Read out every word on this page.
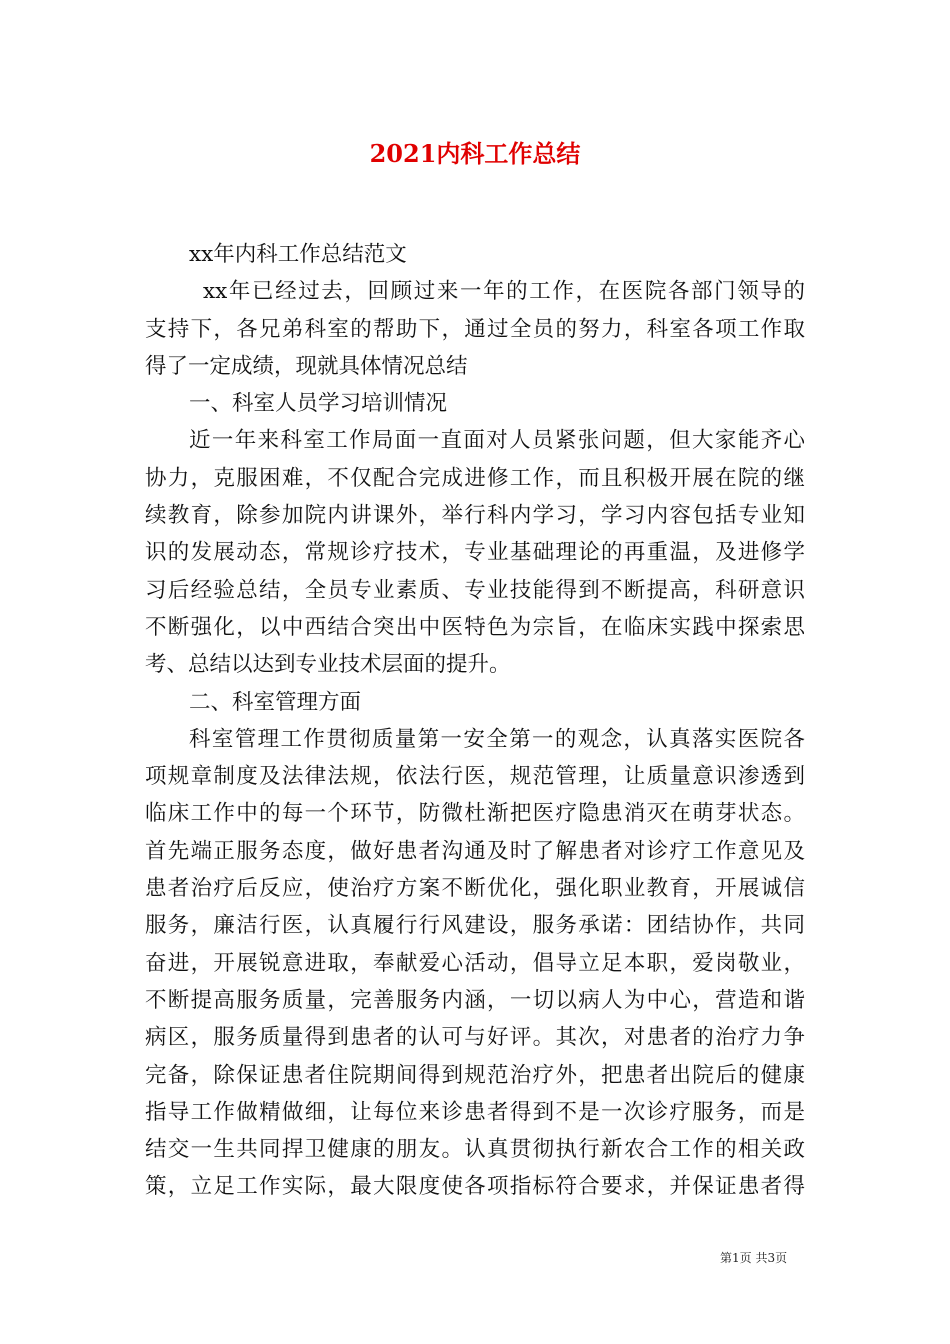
2021内科工作总结
xx年内科工作总结范文
xx年已经过去，回顾过来一年的工作，在医院各部门领导的
支持下，各兄弟科室的帮助下，通过全员的努力，科室各项工作取
得了一定成绩，现就具体情况总结
一、科室人员学习培训情况
近一年来科室工作局面一直面对人员紧张问题，但大家能齐心
协力，克服困难，不仅配合完成进修工作，而且积极开展在院的继
续教育，除参加院内讲课外，举行科内学习，学习内容包括专业知
识的发展动态，常规诊疗技术，专业基础理论的再重温，及进修学
习后经验总结，全员专业素质、专业技能得到不断提高，科研意识
不断强化，以中西结合突出中医特色为宗旨，在临床实践中探索思
考、总结以达到专业技术层面的提升。
二、科室管理方面
科室管理工作贯彻质量第一安全第一的观念，认真落实医院各
项规章制度及法律法规，依法行医，规范管理，让质量意识渗透到
临床工作中的每一个环节，防微杜渐把医疗隐患消灭在萌芽状态。
首先端正服务态度，做好患者沟通及时了解患者对诊疗工作意见及
患者治疗后反应，使治疗方案不断优化，强化职业教育，开展诚信
服务，廉洁行医，认真履行行风建设，服务承诺：团结协作，共同
奋进，开展锐意进取，奉献爱心活动，倡导立足本职，爱岗敬业，
不断提高服务质量，完善服务内涵，一切以病人为中心，营造和谐
病区，服务质量得到患者的认可与好评。其次，对患者的治疗力争
完备，除保证患者住院期间得到规范治疗外，把患者出院后的健康
指导工作做精做细，让每位来诊患者得到不是一次诊疗服务，而是
结交一生共同捍卫健康的朋友。认真贯彻执行新农合工作的相关政
策，立足工作实际，最大限度使各项指标符合要求，并保证患者得
第1页 共3页
